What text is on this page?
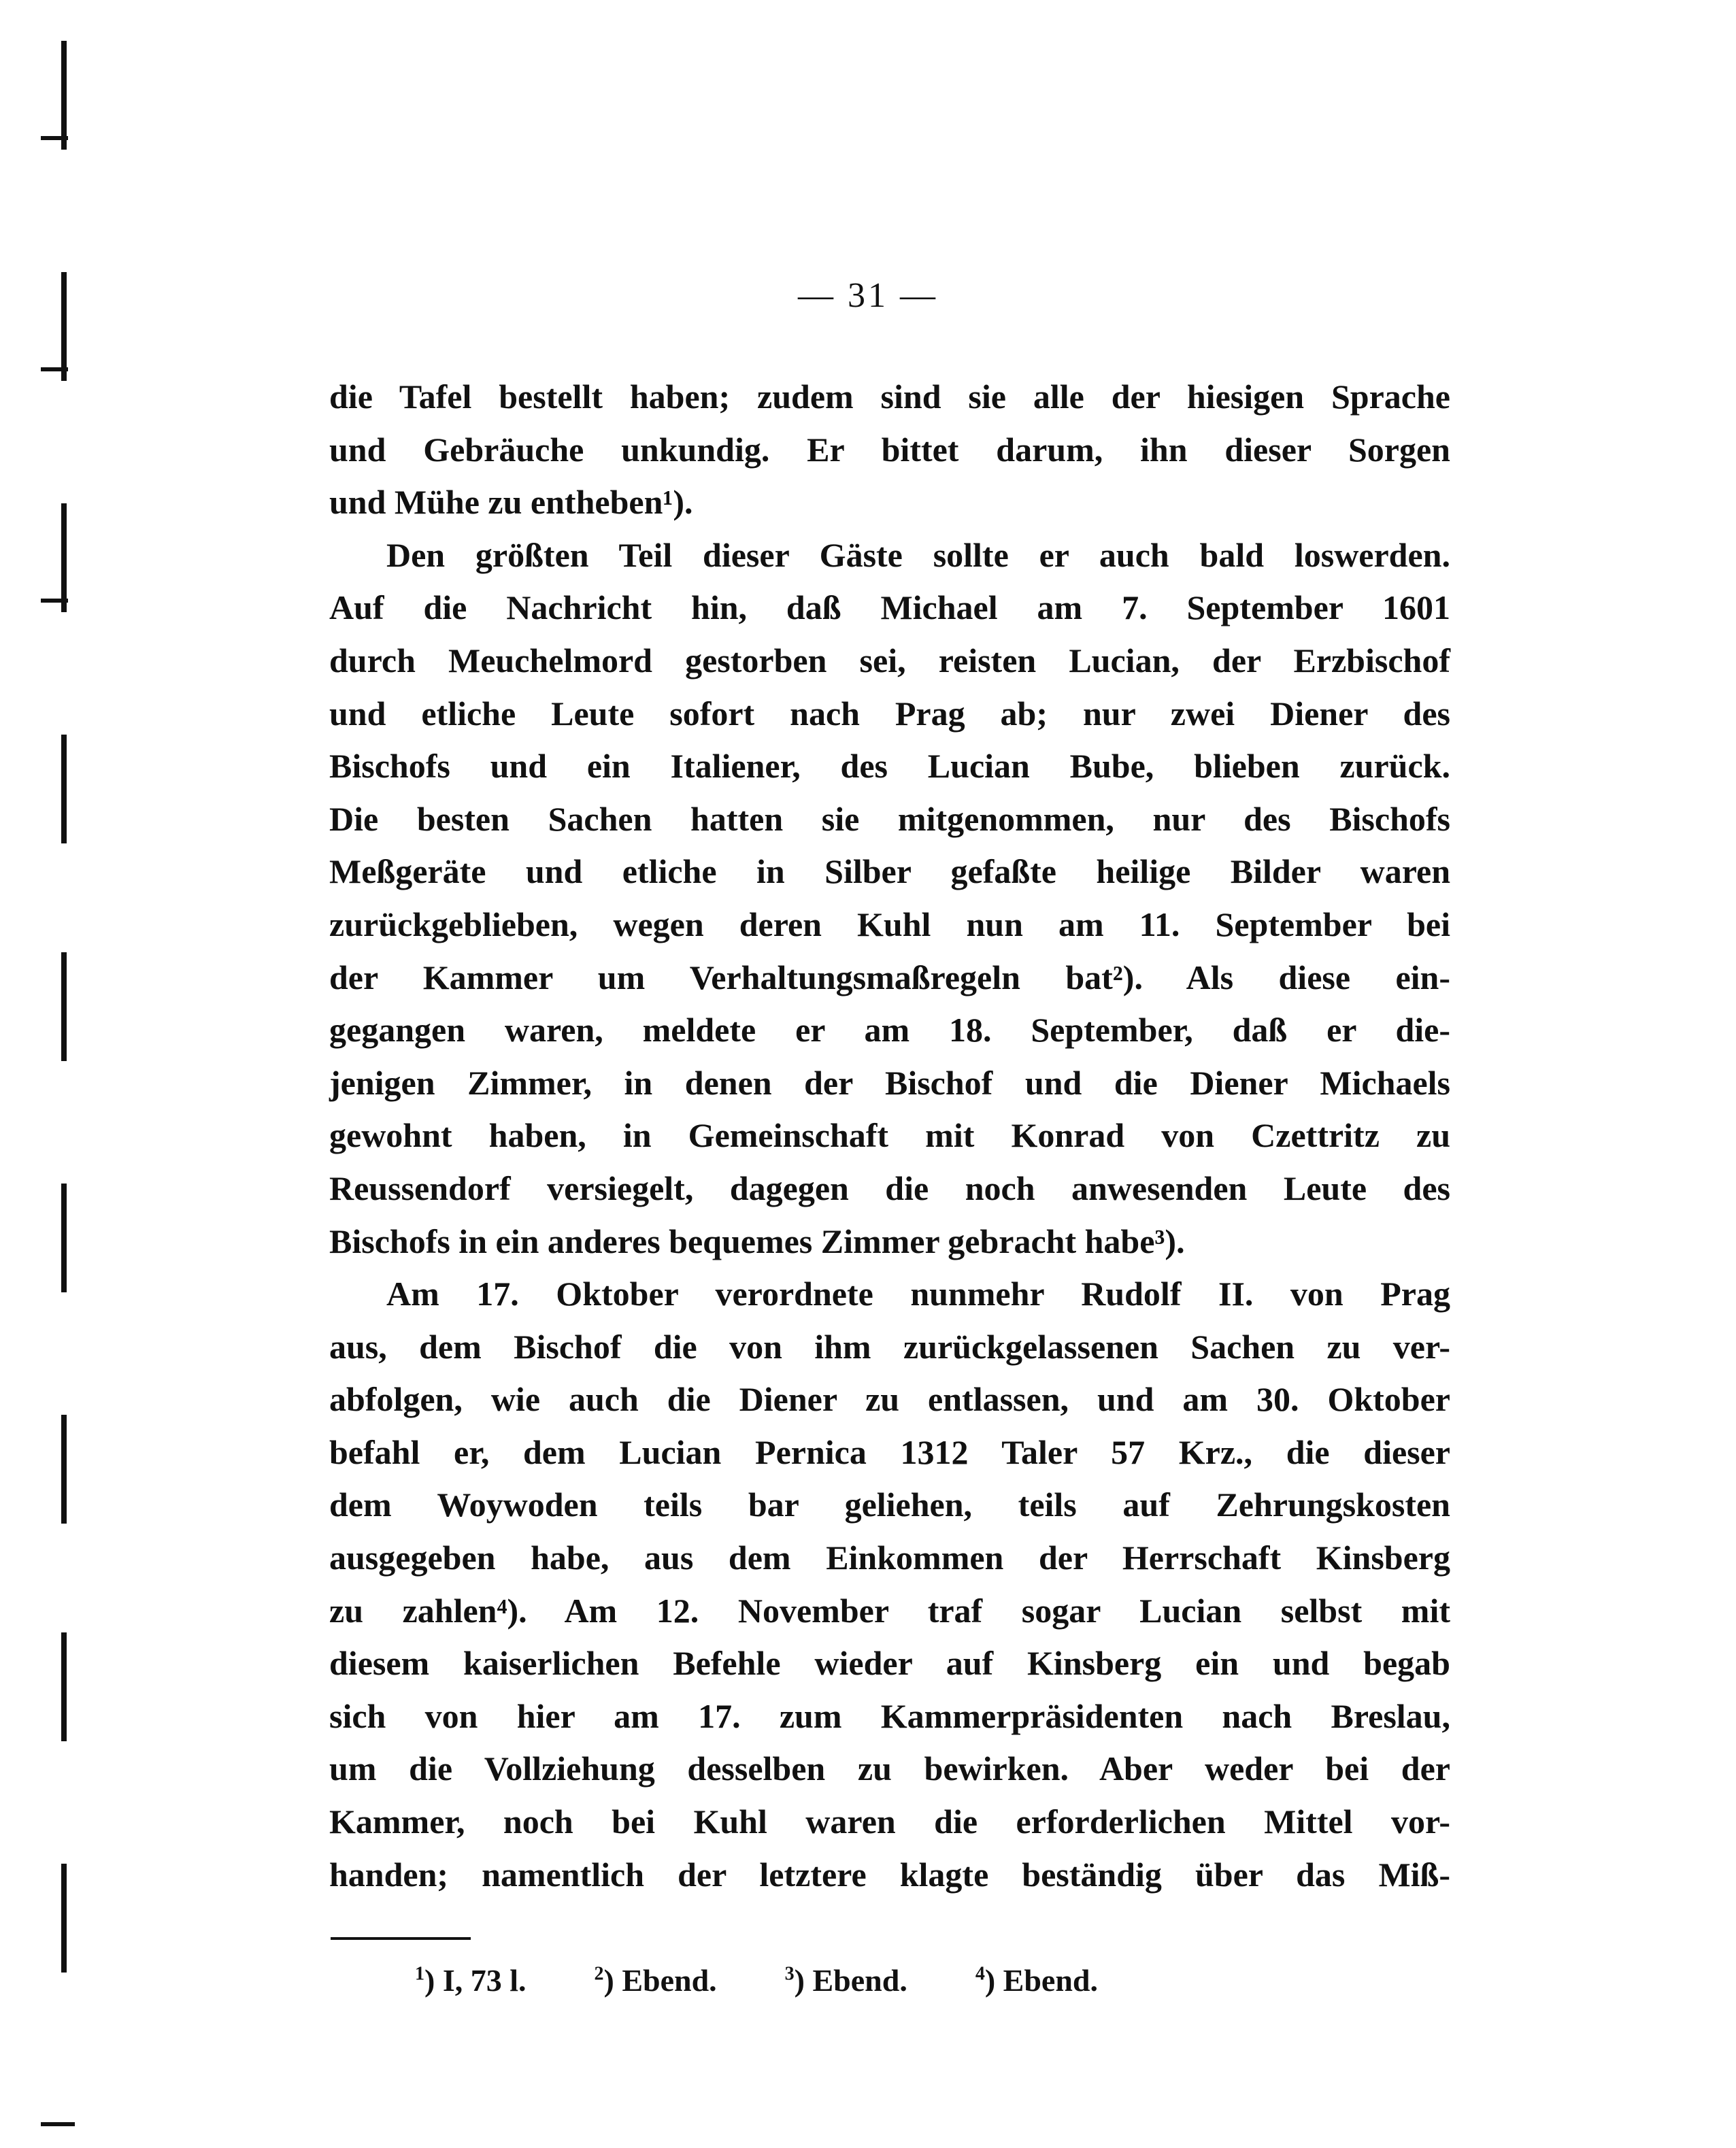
— 31 —
die Tafel bestellt haben; zudem sind sie alle der hiesigen Sprache
und Gebräuche unkundig. Er bittet darum, ihn dieser Sorgen
und Mühe zu entheben¹).
Den größten Teil dieser Gäste sollte er auch bald loswerden.
Auf die Nachricht hin, daß Michael am 7. September 1601
durch Meuchelmord gestorben sei, reisten Lucian, der Erzbischof
und etliche Leute sofort nach Prag ab; nur zwei Diener des
Bischofs und ein Italiener, des Lucian Bube, blieben zurück.
Die besten Sachen hatten sie mitgenommen, nur des Bischofs
Meßgeräte und etliche in Silber gefaßte heilige Bilder waren
zurückgeblieben, wegen deren Kuhl nun am 11. September bei
der Kammer um Verhaltungsmaßregeln bat²). Als diese ein-
gegangen waren, meldete er am 18. September, daß er die-
jenigen Zimmer, in denen der Bischof und die Diener Michaels
gewohnt haben, in Gemeinschaft mit Konrad von Czettritz zu
Reussendorf versiegelt, dagegen die noch anwesenden Leute des
Bischofs in ein anderes bequemes Zimmer gebracht habe³).
Am 17. Oktober verordnete nunmehr Rudolf II. von Prag
aus, dem Bischof die von ihm zurückgelassenen Sachen zu ver-
abfolgen, wie auch die Diener zu entlassen, und am 30. Oktober
befahl er, dem Lucian Pernica 1312 Taler 57 Krz., die dieser
dem Woywoden teils bar geliehen, teils auf Zehrungskosten
ausgegeben habe, aus dem Einkommen der Herrschaft Kinsberg
zu zahlen⁴). Am 12. November traf sogar Lucian selbst mit
diesem kaiserlichen Befehle wieder auf Kinsberg ein und begab
sich von hier am 17. zum Kammerpräsidenten nach Breslau,
um die Vollziehung desselben zu bewirken. Aber weder bei der
Kammer, noch bei Kuhl waren die erforderlichen Mittel vor-
handen; namentlich der letztere klagte beständig über das Miß-
$^1$) I, 73 l.	$^2$) Ebend.	$^3$) Ebend.	$^4$) Ebend.
